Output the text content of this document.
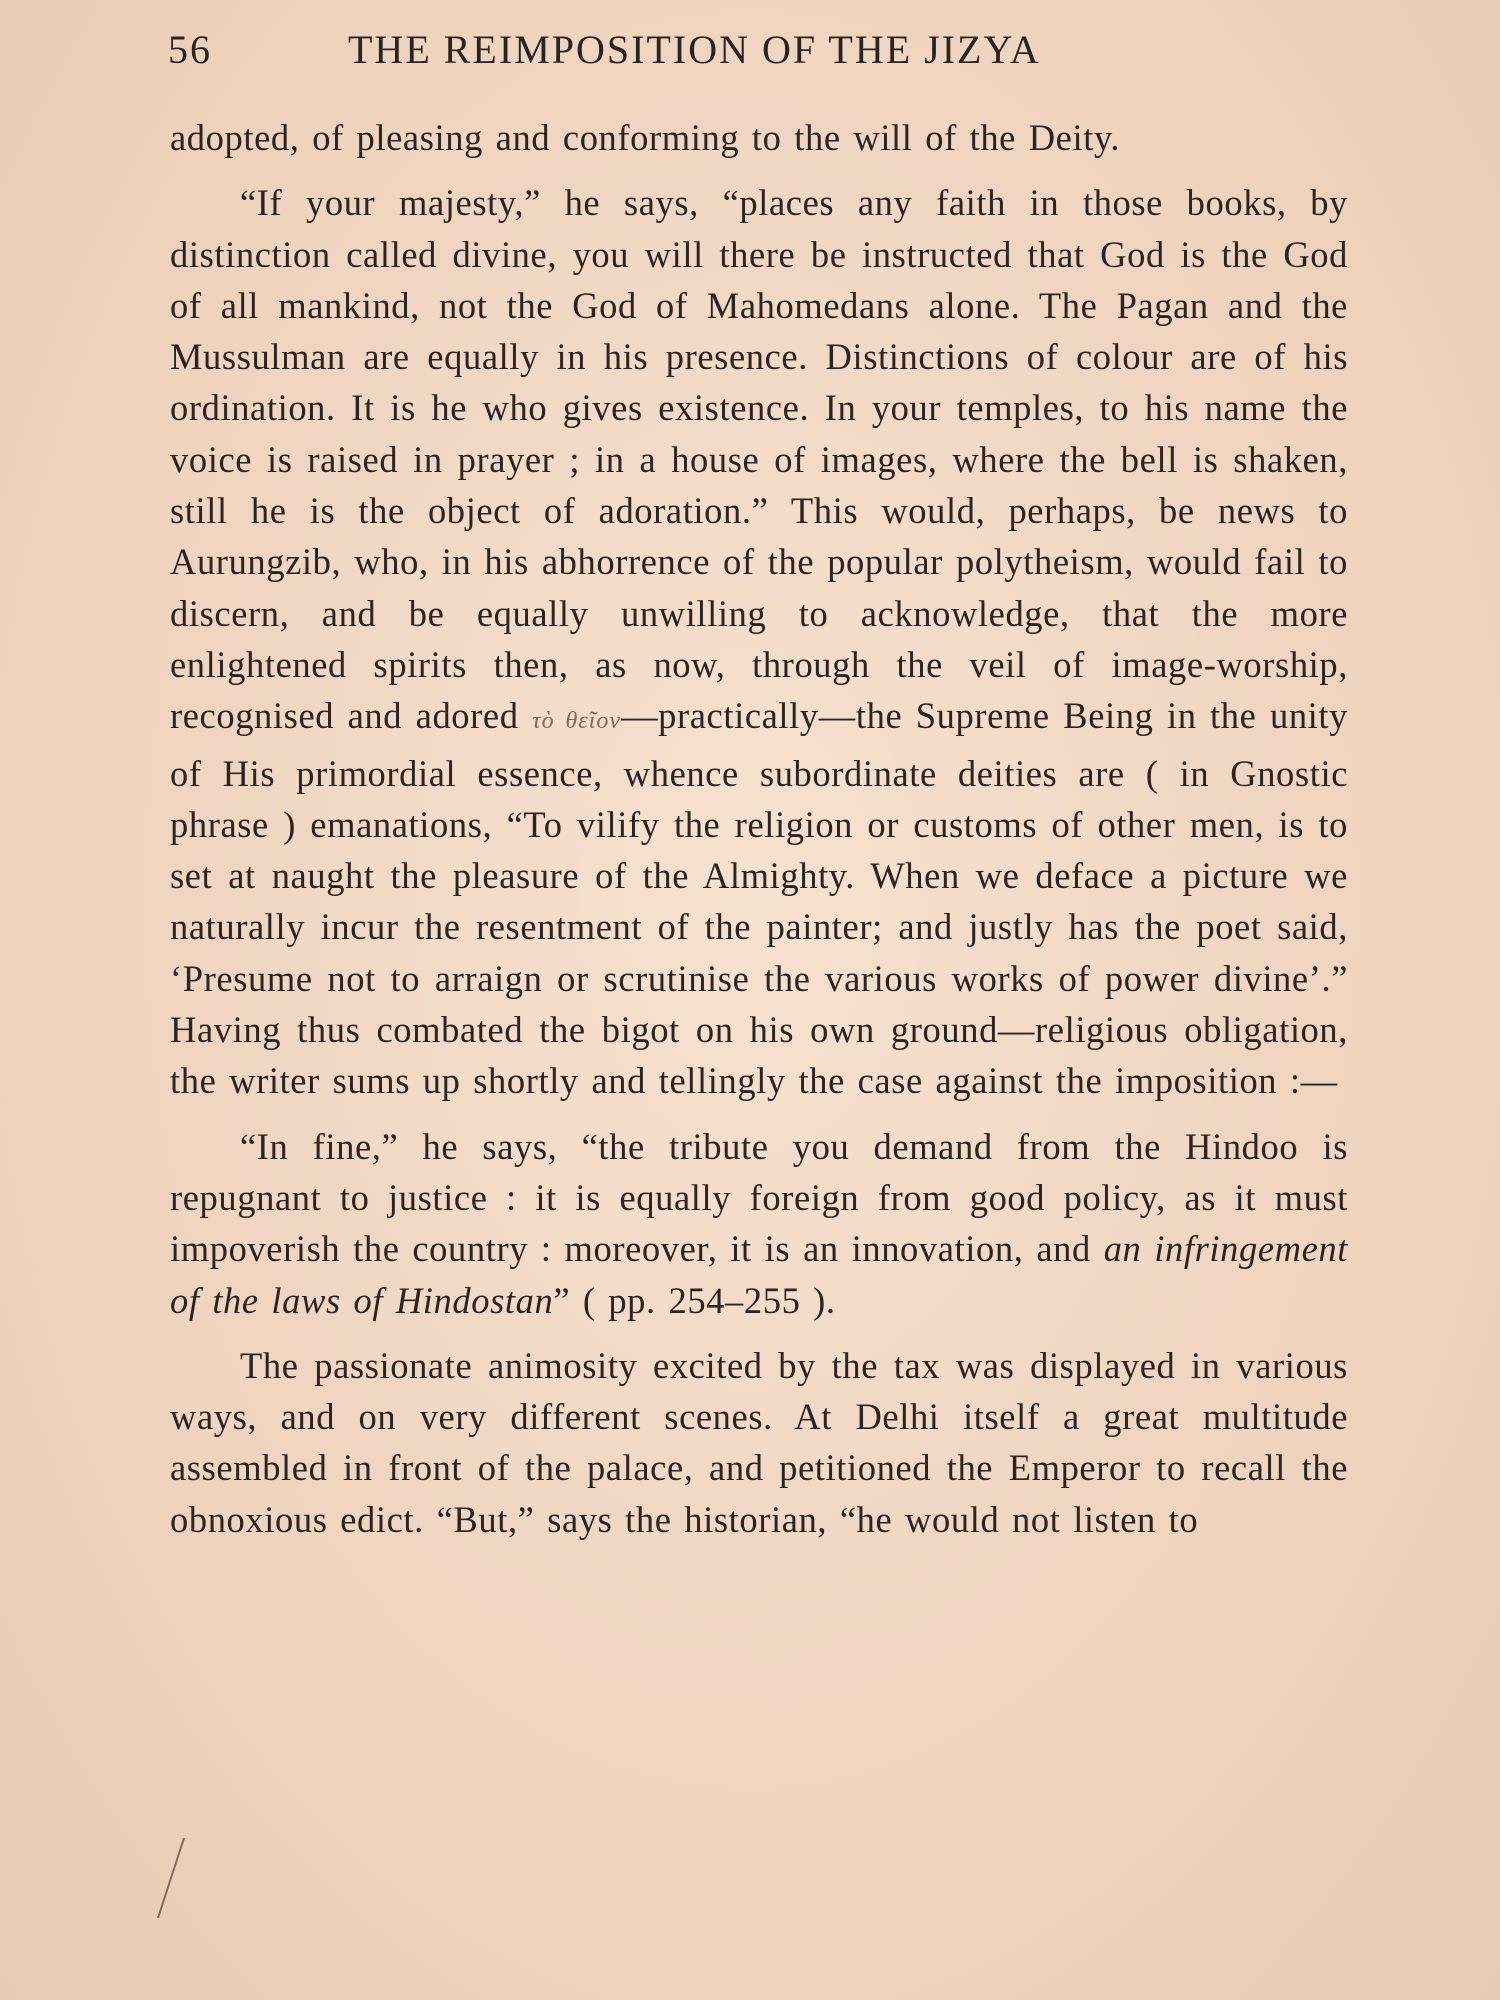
56	THE REIMPOSITION OF THE JIZYA

adopted, of pleasing and conforming to the will of the Deity.

“If your majesty,” he says, “places any faith in those books, by distinction called divine, you will there be instructed that God is the God of all mankind, not the God of Mahomedans alone. The Pagan and the Mussulman are equally in his presence. Distinctions of colour are of his ordination. It is he who gives existence. In your temples, to his name the voice is raised in prayer ; in a house of images, where the bell is shaken, still he is the object of adoration.” This would, perhaps, be news to Aurungzib, who, in his abhorrence of the popular polytheism, would fail to discern, and be equally unwilling to acknowledge, that the more enlightened spirits then, as now, through the veil of image-worship, recognised and adored τὸ θεῖον—practically—the Supreme Being in the unity of His primordial essence, whence subordinate deities are ( in Gnostic phrase ) emanations, “To vilify the religion or customs of other men, is to set at naught the pleasure of the Almighty. When we deface a picture we naturally incur the resentment of the painter; and justly has the poet said, ‘Presume not to arraign or scrutinise the various works of power divine’.” Having thus combated the bigot on his own ground—religious obligation, the writer sums up shortly and tellingly the case against the imposition :—

“In fine,” he says, “the tribute you demand from the Hindoo is repugnant to justice : it is equally foreign from good policy, as it must impoverish the country : moreover, it is an innovation, and an infringement of the laws of Hindostan” ( pp. 254–255 ).

The passionate animosity excited by the tax was displayed in various ways, and on very different scenes. At Delhi itself a great multitude assembled in front of the palace, and petitioned the Emperor to recall the obnoxious edict. “But,” says the historian, “he would not listen to
